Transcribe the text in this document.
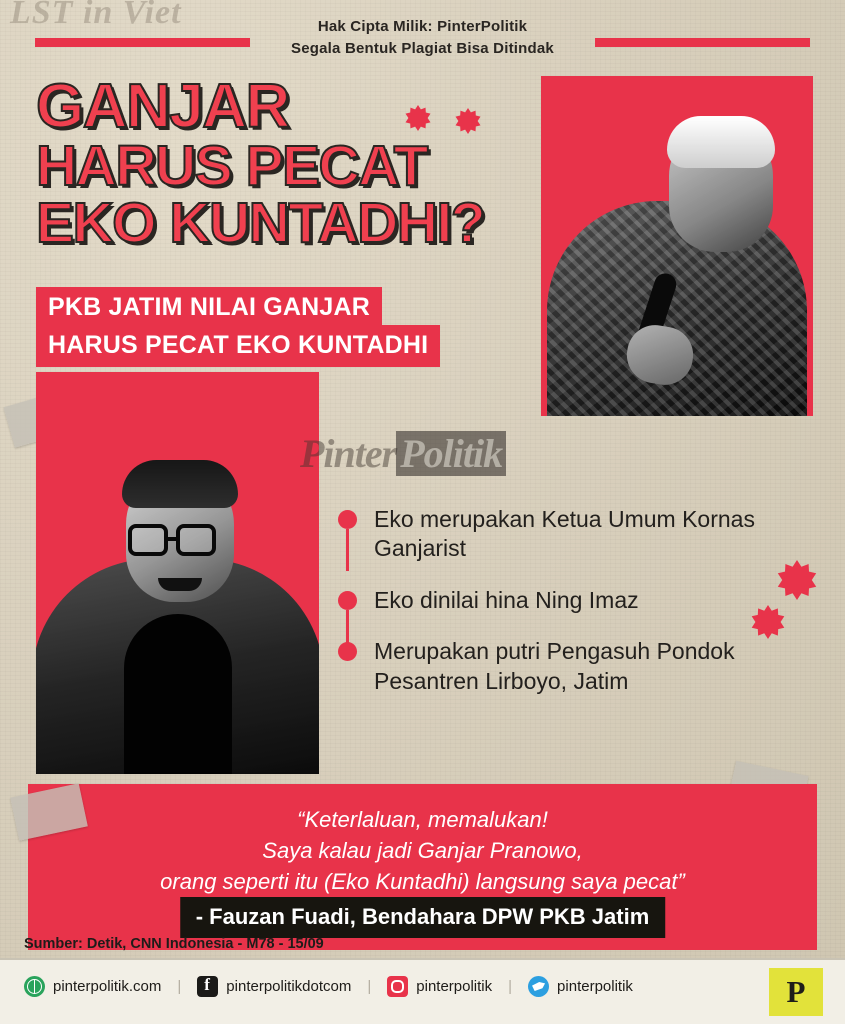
LST in Viet	Hak Cipta Milik: PinterPolitik
Segala Bentuk Plagiat Bisa Ditindak
GANJAR
HARUS PECAT
EKO KUNTADHI?
PKB JATIM NILAI GANJAR
HARUS PECAT EKO KUNTADHI
Pinter Politik
Eko merupakan Ketua Umum Kornas Ganjarist
Eko dinilai hina Ning Imaz
Merupakan putri Pengasuh Pondok Pesantren Lirboyo, Jatim
“Keterlaluan, memalukan!
Saya kalau jadi Ganjar Pranowo,
orang seperti itu (Eko Kuntadhi) langsung saya pecat”
- Fauzan Fuadi, Bendahara DPW PKB Jatim
Sumber: Detik, CNN Indonesia - M78 - 15/09
pinterpolitik.com | f	pinterpolitikdotcom |	pinterpolitik |	pinterpolitik	P
